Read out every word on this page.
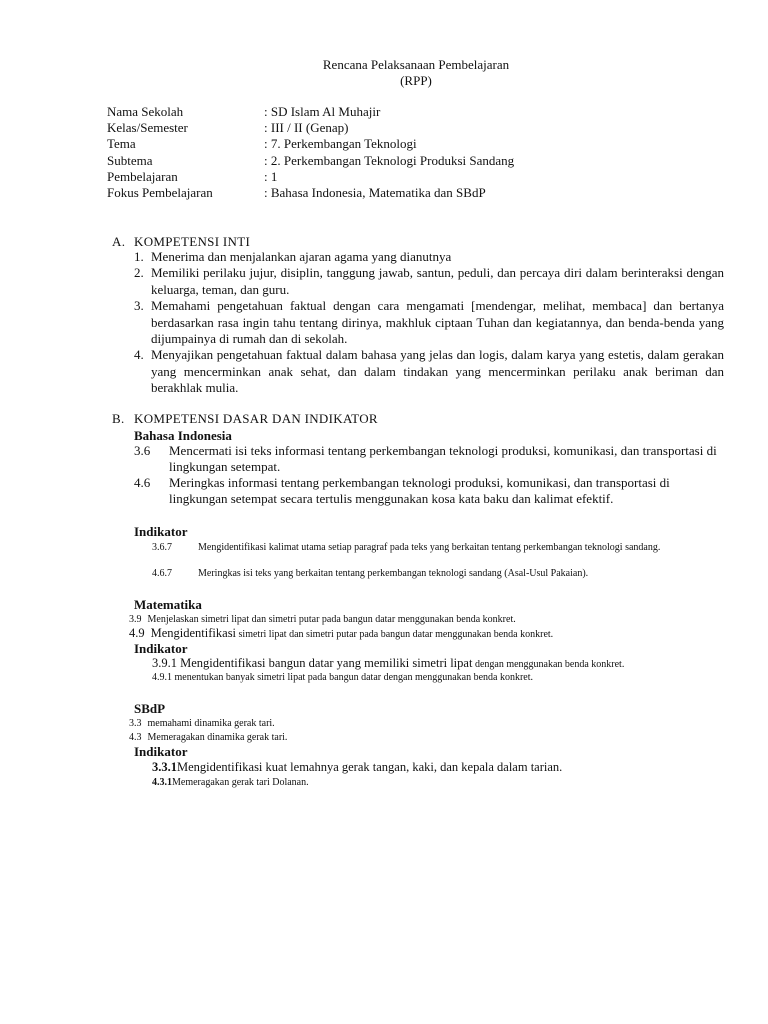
Rencana Pelaksanaan Pembelajaran
(RPP)
Nama Sekolah	: SD Islam Al Muhajir
Kelas/Semester	: III / II (Genap)
Tema	: 7. Perkembangan Teknologi
Subtema	: 2. Perkembangan Teknologi Produksi Sandang
Pembelajaran	: 1
Fokus Pembelajaran	: Bahasa Indonesia, Matematika dan SBdP
A. KOMPETENSI INTI
1. Menerima dan menjalankan ajaran agama yang dianutnya
2. Memiliki perilaku jujur, disiplin, tanggung jawab, santun, peduli, dan percaya diri dalam berinteraksi dengan keluarga, teman, dan guru.
3. Memahami pengetahuan faktual dengan cara mengamati [mendengar, melihat, membaca] dan bertanya berdasarkan rasa ingin tahu tentang dirinya, makhluk ciptaan Tuhan dan kegiatannya, dan benda-benda yang dijumpainya di rumah dan di sekolah.
4. Menyajikan pengetahuan faktual dalam bahasa yang jelas dan logis, dalam karya yang estetis, dalam gerakan yang mencerminkan anak sehat, dan dalam tindakan yang mencerminkan perilaku anak beriman dan berakhlak mulia.
B. KOMPETENSI DASAR DAN INDIKATOR
Bahasa Indonesia
3.6	Mencermati isi teks informasi tentang perkembangan teknologi produksi, komunikasi, dan transportasi di lingkungan setempat.
4.6	Meringkas informasi tentang perkembangan teknologi produksi, komunikasi, dan transportasi di lingkungan setempat secara tertulis menggunakan kosa kata baku dan kalimat efektif.
Indikator
3.6.7	Mengidentifikasi kalimat utama setiap paragraf pada teks yang berkaitan tentang perkembangan teknologi sandang.
4.6.7	Meringkas isi teks yang berkaitan tentang perkembangan teknologi sandang (Asal-Usul Pakaian).
Matematika
3.9 Menjelaskan simetri lipat dan simetri putar pada bangun datar menggunakan benda konkret.
4.9 Mengidentifikasi simetri lipat dan simetri putar pada bangun datar menggunakan benda konkret.
Indikator
3.9.1 Mengidentifikasi bangun datar yang memiliki simetri lipat dengan menggunakan benda konkret.
4.9.1 menentukan banyak simetri lipat pada bangun datar dengan menggunakan benda konkret.
SBdP
3.3 memahami dinamika gerak tari.
4.3 Memeragakan dinamika gerak tari.
Indikator
3.3.1Mengidentifikasi kuat lemahnya gerak tangan, kaki, dan kepala dalam tarian.
4.3.1Memeragakan gerak tari Dolanan.
